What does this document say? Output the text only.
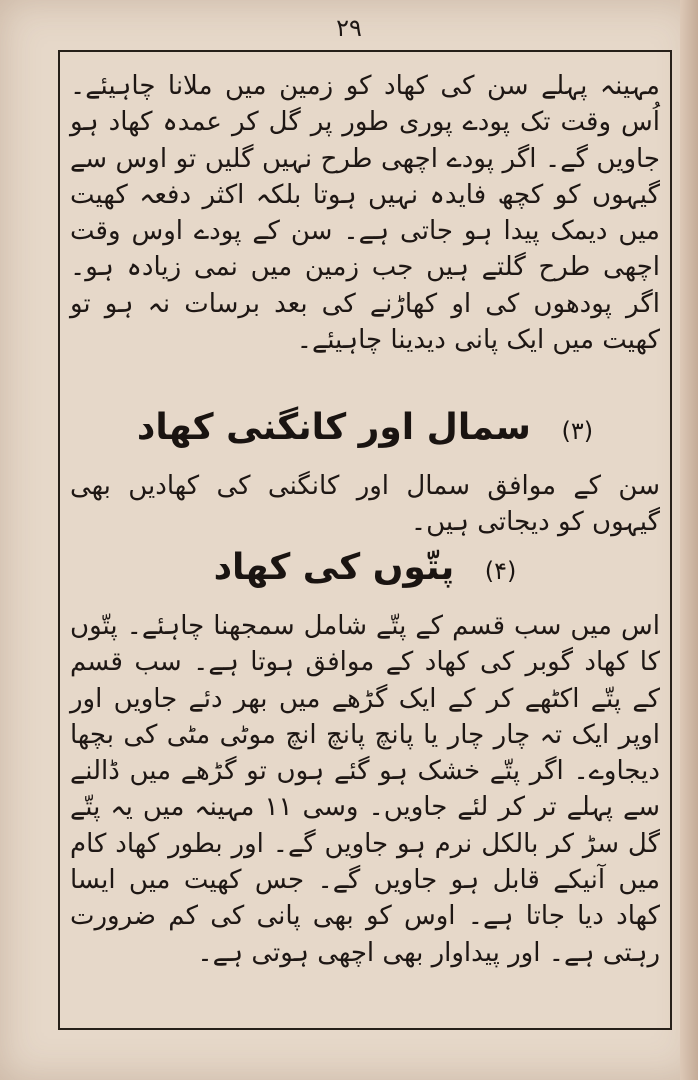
۲۹
مہینہ پہلے سن کی کھاد کو زمین میں ملانا چاہیئے۔ اُس وقت تک پودے پوری طور پر گل کر عمدہ کھاد ہو جاویں گے۔ اگر پودے اچھی طرح نہیں گلیں تو اوس سے گیہوں کو کچھ فایدہ نہیں ہوتا بلکہ اکثر دفعہ کھیت میں دیمک پیدا ہو جاتی ہے۔ سن کے پودے اوس وقت اچھی طرح گلتے ہیں جب زمین میں نمی زیادہ ہو۔ اگر پودھوں کی او کھاڑنے کی بعد برسات نہ ہو تو کھیت میں ایک پانی دیدینا چاہیئے۔
(۳) سمال اور کانگنی کھاد
سن کے موافق سمال اور کانگنی کی کھادیں بھی گیہوں کو دیجاتی ہیں۔
(۴) پتّوں کی کھاد
اس میں سب قسم کے پتّے شامل سمجھنا چاہئے۔ پتّوں کا کھاد گوبر کی کھاد کے موافق ہوتا ہے۔ سب قسم کے پتّے اکٹھے کر کے ایک گڑھے میں بھر دئے جاویں اور اوپر ایک تہ چار چار یا پانچ پانچ انچ موٹی مٹی کی بچھا دیجاوے۔ اگر پتّے خشک ہو گئے ہوں تو گڑھے میں ڈالنے سے پہلے تر کر لئے جاویں۔ وسی ۱۱ مہینہ میں یہ پتّے گل سڑ کر بالکل نرم ہو جاویں گے۔ اور بطور کھاد کام میں آنیکے قابل ہو جاویں گے۔ جس کھیت میں ایسا کھاد دیا جاتا ہے۔ اوس کو بھی پانی کی کم ضرورت رہتی ہے۔ اور پیداوار بھی اچھی ہوتی ہے۔
